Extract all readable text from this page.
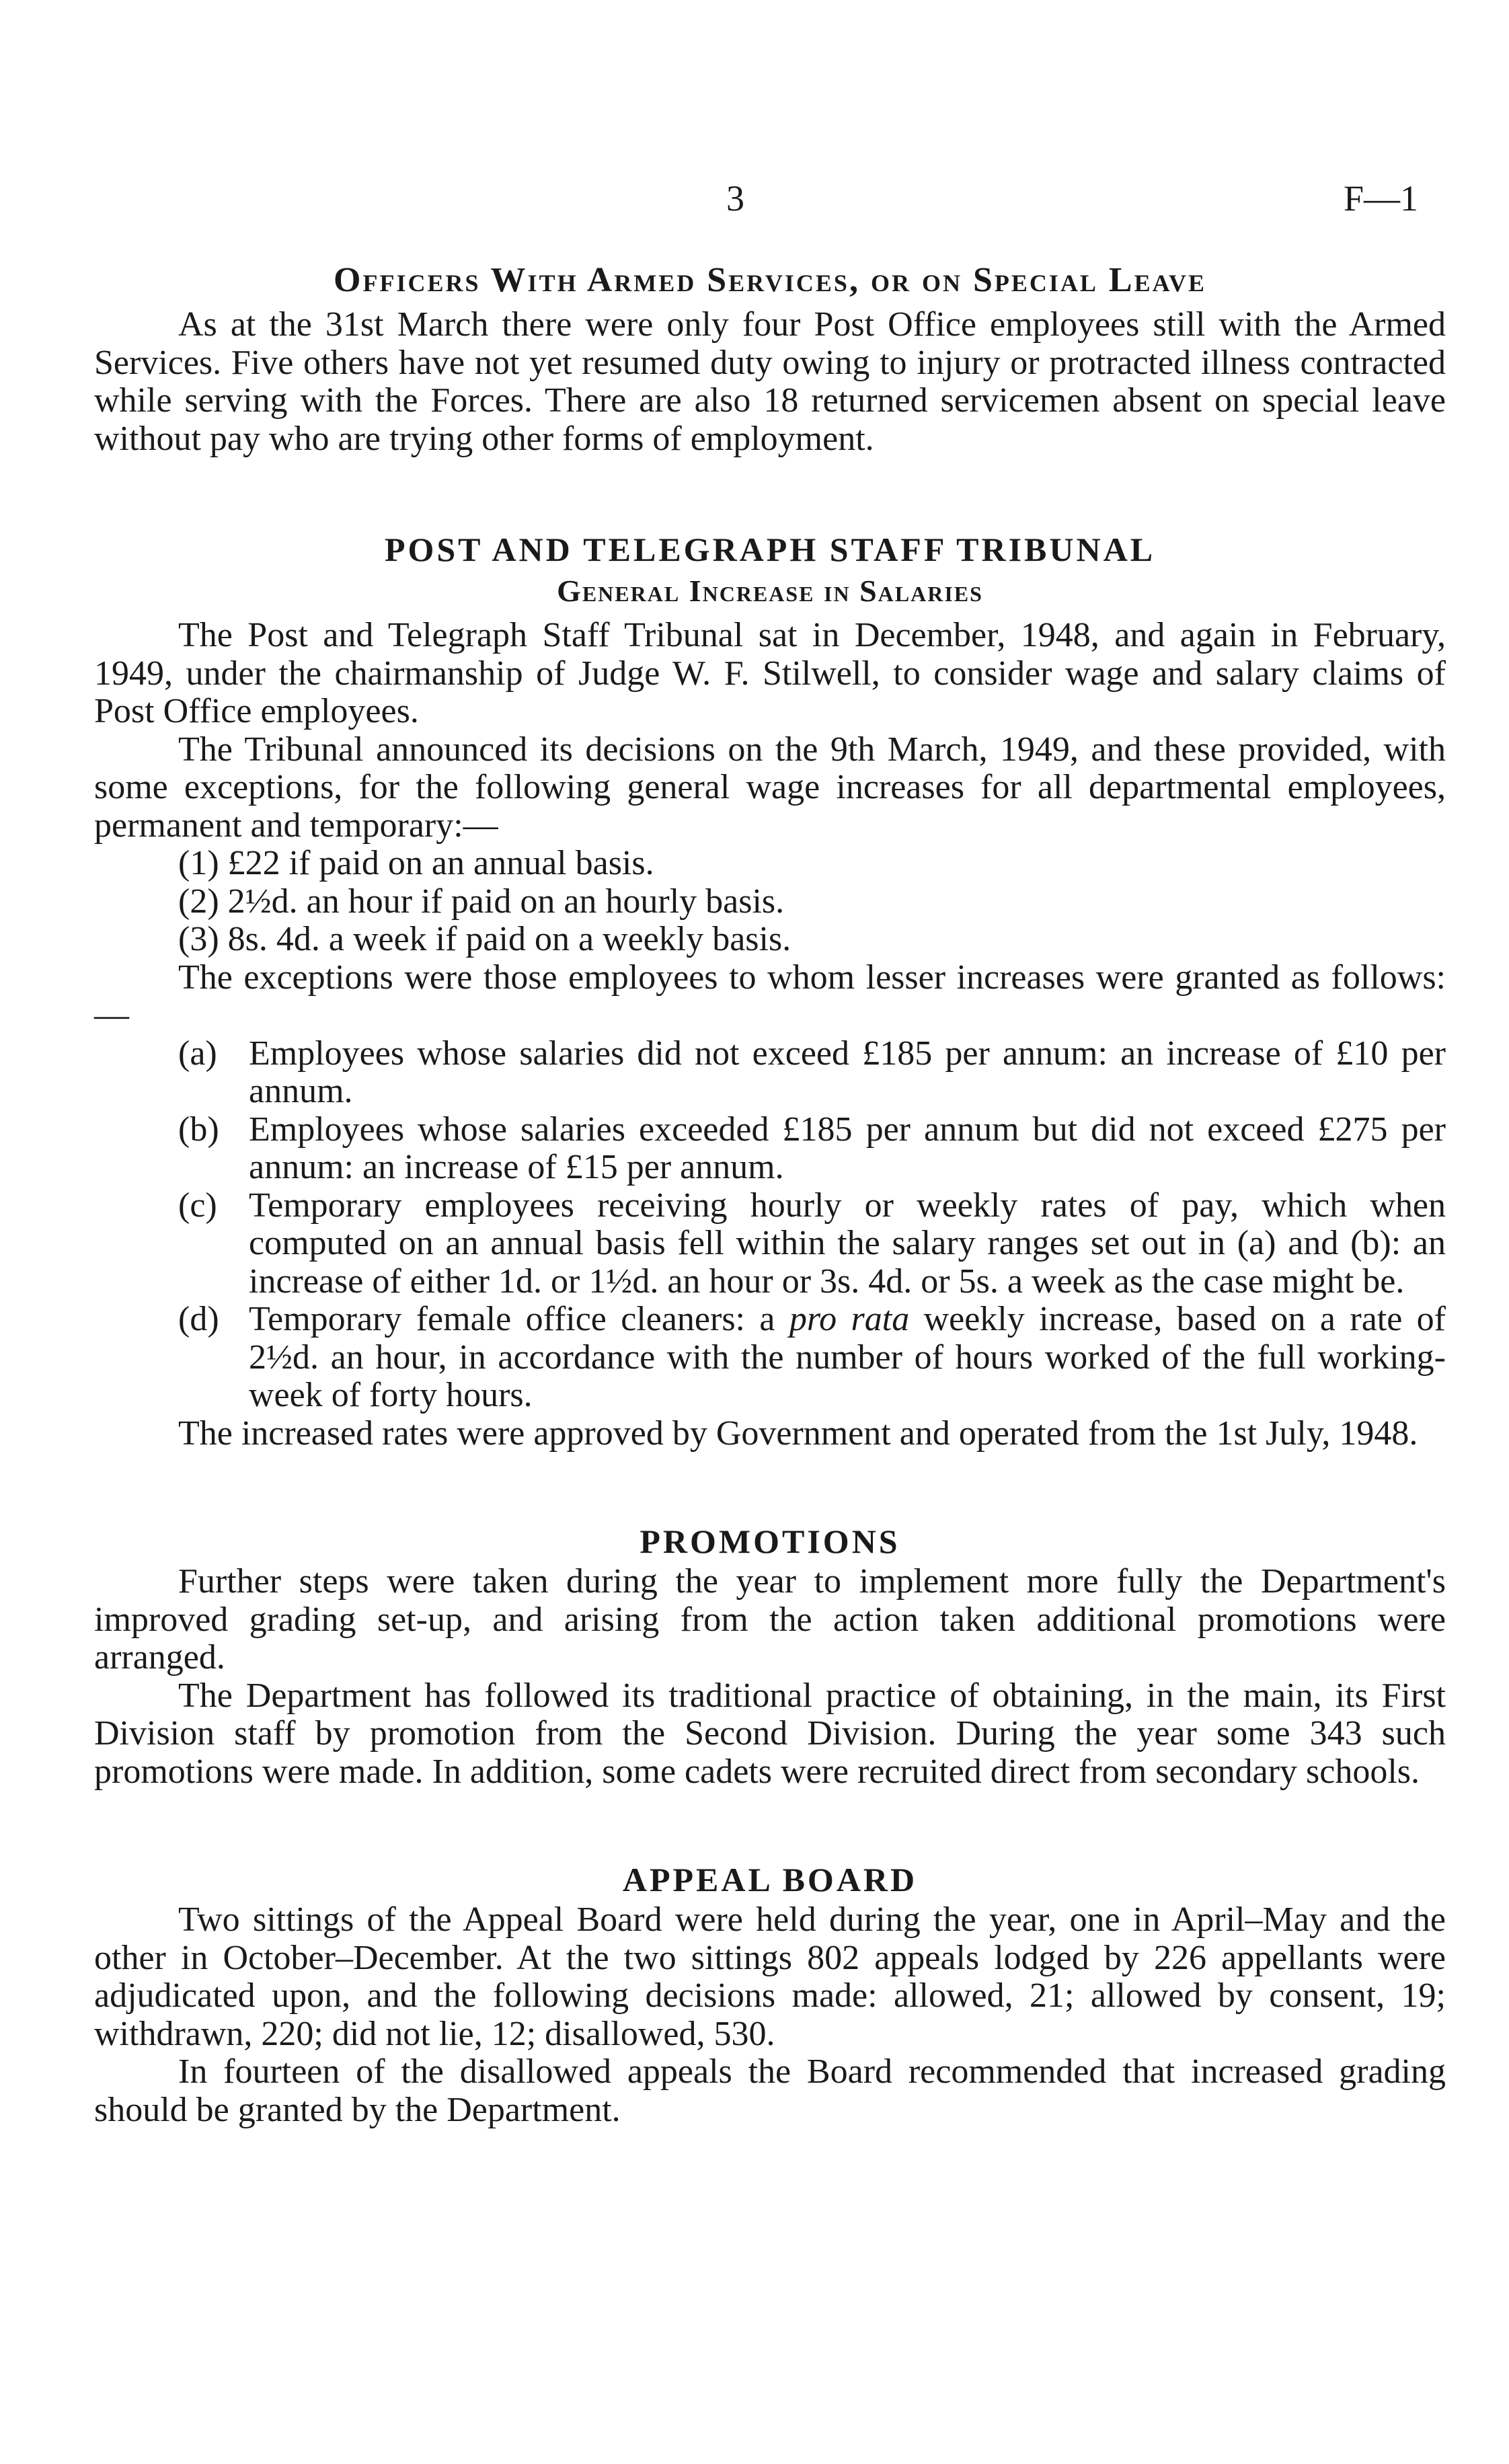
3	F—1
Officers With Armed Services, or on Special Leave

As at the 31st March there were only four Post Office employees still with the Armed Services. Five others have not yet resumed duty owing to injury or protracted illness contracted while serving with the Forces. There are also 18 returned servicemen absent on special leave without pay who are trying other forms of employment.

POST AND TELEGRAPH STAFF TRIBUNAL
General Increase in Salaries

The Post and Telegraph Staff Tribunal sat in December, 1948, and again in February, 1949, under the chairmanship of Judge W. F. Stilwell, to consider wage and salary claims of Post Office employees.

The Tribunal announced its decisions on the 9th March, 1949, and these provided, with some exceptions, for the following general wage increases for all departmental employees, permanent and temporary:—

(1) £22 if paid on an annual basis.
(2) 2½d. an hour if paid on an hourly basis.
(3) 8s. 4d. a week if paid on a weekly basis.

The exceptions were those employees to whom lesser increases were granted as follows:—

(a) Employees whose salaries did not exceed £185 per annum: an increase of £10 per annum.
(b) Employees whose salaries exceeded £185 per annum but did not exceed £275 per annum: an increase of £15 per annum.
(c) Temporary employees receiving hourly or weekly rates of pay, which when computed on an annual basis fell within the salary ranges set out in (a) and (b): an increase of either 1d. or 1½d. an hour or 3s. 4d. or 5s. a week as the case might be.
(d) Temporary female office cleaners: a pro rata weekly increase, based on a rate of 2½d. an hour, in accordance with the number of hours worked of the full working-week of forty hours.

The increased rates were approved by Government and operated from the 1st July, 1948.

PROMOTIONS

Further steps were taken during the year to implement more fully the Department's improved grading set-up, and arising from the action taken additional promotions were arranged.

The Department has followed its traditional practice of obtaining, in the main, its First Division staff by promotion from the Second Division. During the year some 343 such promotions were made. In addition, some cadets were recruited direct from secondary schools.

APPEAL BOARD

Two sittings of the Appeal Board were held during the year, one in April–May and the other in October–December. At the two sittings 802 appeals lodged by 226 appellants were adjudicated upon, and the following decisions made: allowed, 21; allowed by consent, 19; withdrawn, 220; did not lie, 12; disallowed, 530.

In fourteen of the disallowed appeals the Board recommended that increased grading should be granted by the Department.
